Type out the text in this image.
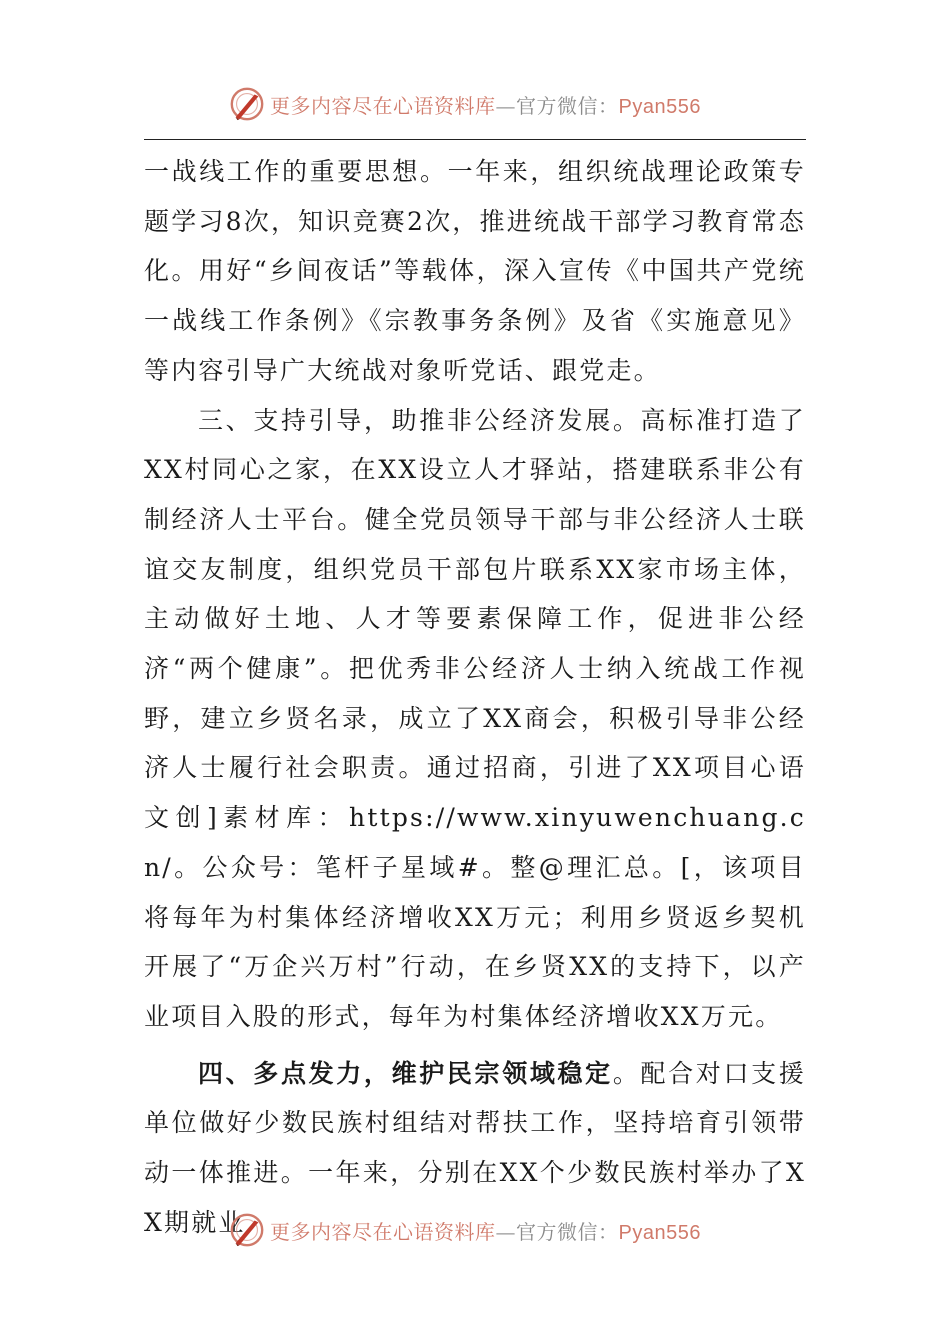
更多内容尽在心语资料库—官方微信：Pyan556

一战线工作的重要思想。一年来，组织统战理论政策专题学习8次，知识竞赛2次，推进统战干部学习教育常态化。用好“乡间夜话”等载体，深入宣传《中国共产党统一战线工作条例》《宗教事务条例》及省《实施意见》等内容引导广大统战对象听党话、跟党走。

三、支持引导，助推非公经济发展。高标准打造了XX村同心之家，在XX设立人才驿站，搭建联系非公有制经济人士平台。健全党员领导干部与非公经济人士联谊交友制度，组织党员干部包片联系XX家市场主体，主动做好土地、人才等要素保障工作，促进非公经济“两个健康”。把优秀非公经济人士纳入统战工作视野，建立乡贤名录，成立了XX商会，积极引导非公经济人士履行社会职责。通过招商，引进了XX项目心语文创]素材库：https://www.xinyuwenchuang.cn/。公众号：笔杆子星域#。整@理汇总。[，该项目将每年为村集体经济增收XX万元；利用乡贤返乡契机开展了“万企兴万村”行动，在乡贤XX的支持下，以产业项目入股的形式，每年为村集体经济增收XX万元。

四、多点发力，维护民宗领域稳定。配合对口支援单位做好少数民族村组结对帮扶工作，坚持培育引领带动一体推进。一年来，分别在XX个少数民族村举办了XX期就业	更多内容尽在心语资料库—官方微信：Pyan556
